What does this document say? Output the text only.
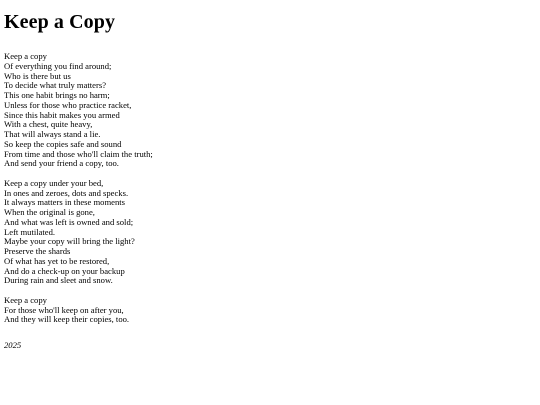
Keep a Copy
Keep a copy
Of everything you find around;
Who is there but us
To decide what truly matters?
This one habit brings no harm;
Unless for those who practice racket,
Since this habit makes you armed
With a chest, quite heavy,
That will always stand a lie.
So keep the copies safe and sound
From time and those who'll claim the truth;
And send your friend a copy, too.
Keep a copy under your bed,
In ones and zeroes, dots and specks.
It always matters in these moments
When the original is gone,
And what was left is owned and sold;
Left mutilated.
Maybe your copy will bring the light?
Preserve the shards
Of what has yet to be restored,
And do a check-up on your backup
During rain and sleet and snow.
Keep a copy
For those who'll keep on after you,
And they will keep their copies, too.
2025
